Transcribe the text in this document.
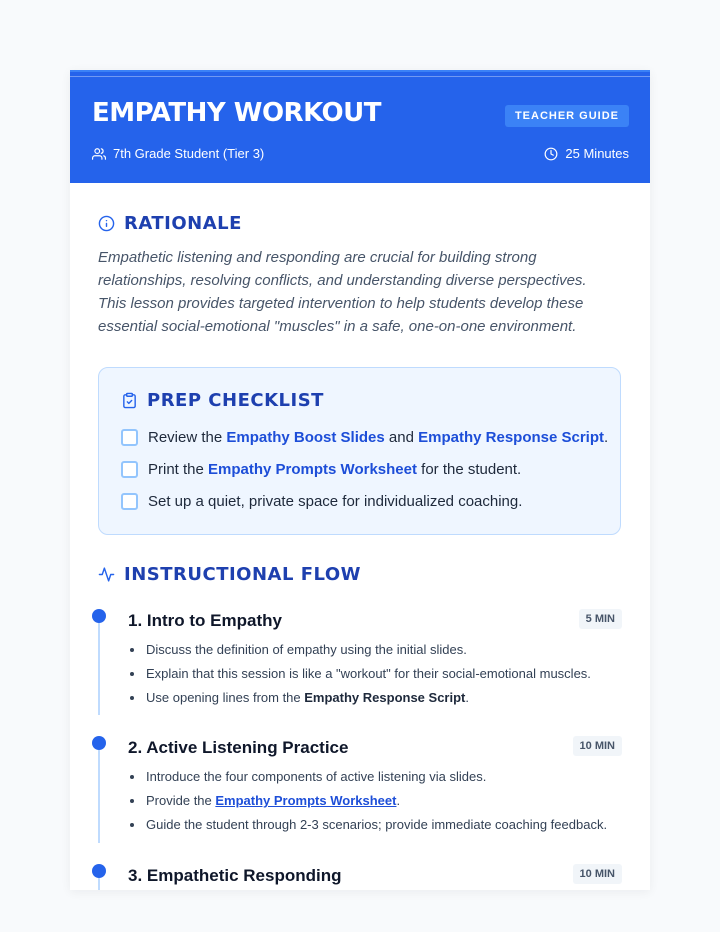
EMPATHY WORKOUT	TEACHER GUIDE
7th Grade Student (Tier 3)	25 Minutes
RATIONALE

Empathetic listening and responding are crucial for building strong relationships, resolving conflicts, and understanding diverse perspectives. This lesson provides targeted intervention to help students develop these essential social-emotional "muscles" in a safe, one-on-one environment.

PREP CHECKLIST
Review the Empathy Boost Slides and Empathy Response Script.
Print the Empathy Prompts Worksheet for the student.
Set up a quiet, private space for individualized coaching.
INSTRUCTIONAL FLOW
1. Intro to Empathy	5 MIN
Discuss the definition of empathy using the initial slides.
Explain that this session is like a "workout" for their social-emotional muscles.
Use opening lines from the Empathy Response Script.
2. Active Listening Practice	10 MIN
Introduce the four components of active listening via slides.
Provide the Empathy Prompts Worksheet.
Guide the student through 2-3 scenarios; provide immediate coaching feedback.
3. Empathetic Responding	10 MIN
